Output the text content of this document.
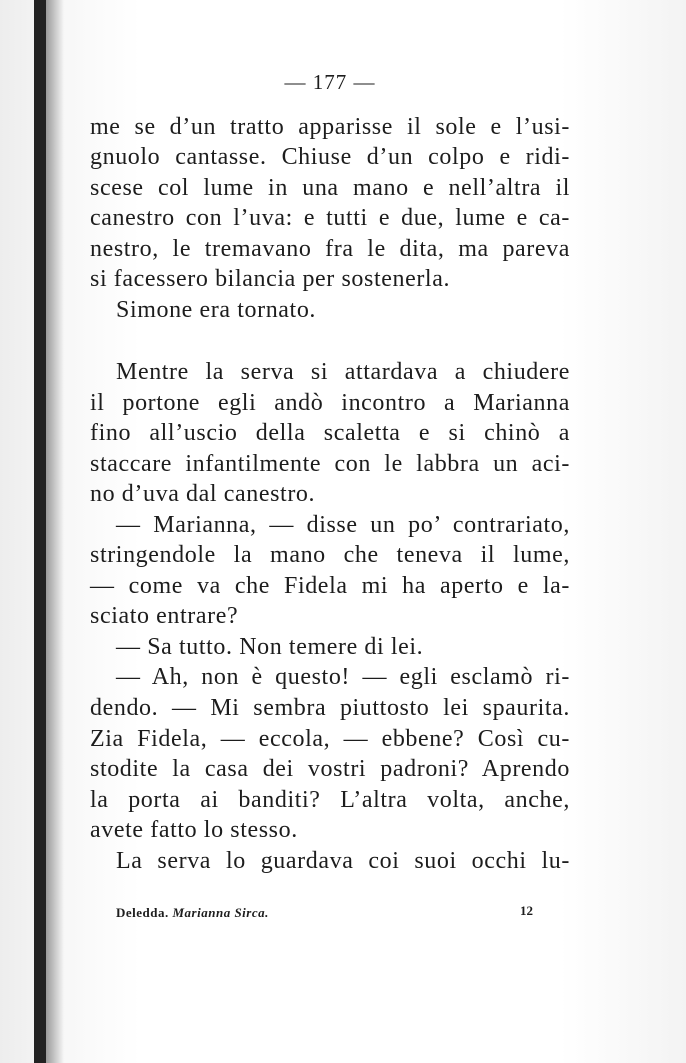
— 177 —
me se d’un tratto apparisse il sole e l’usi-
gnuolo cantasse. Chiuse d’un colpo e ridi-
scese col lume in una mano e nell’altra il
canestro con l’uva: e tutti e due, lume e ca-
nestro, le tremavano fra le dita, ma pareva
si facessero bilancia per sostenerla.
Simone era tornato.
Mentre la serva si attardava a chiudere
il portone egli andò incontro a Marianna
fino all’uscio della scaletta e si chinò a
staccare infantilmente con le labbra un aci-
no d’uva dal canestro.
— Marianna, — disse un po’ contrariato,
stringendole la mano che teneva il lume,
— come va che Fidela mi ha aperto e la-
sciato entrare?
— Sa tutto. Non temere di lei.
— Ah, non è questo! — egli esclamò ri-
dendo. — Mi sembra piuttosto lei spaurita.
Zia Fidela, — eccola, — ebbene? Così cu-
stodite la casa dei vostri padroni? Aprendo
la porta ai banditi? L’altra volta, anche,
avete fatto lo stesso.
La serva lo guardava coi suoi occhi lu-
Deledda. Marianna Sirca.	12
